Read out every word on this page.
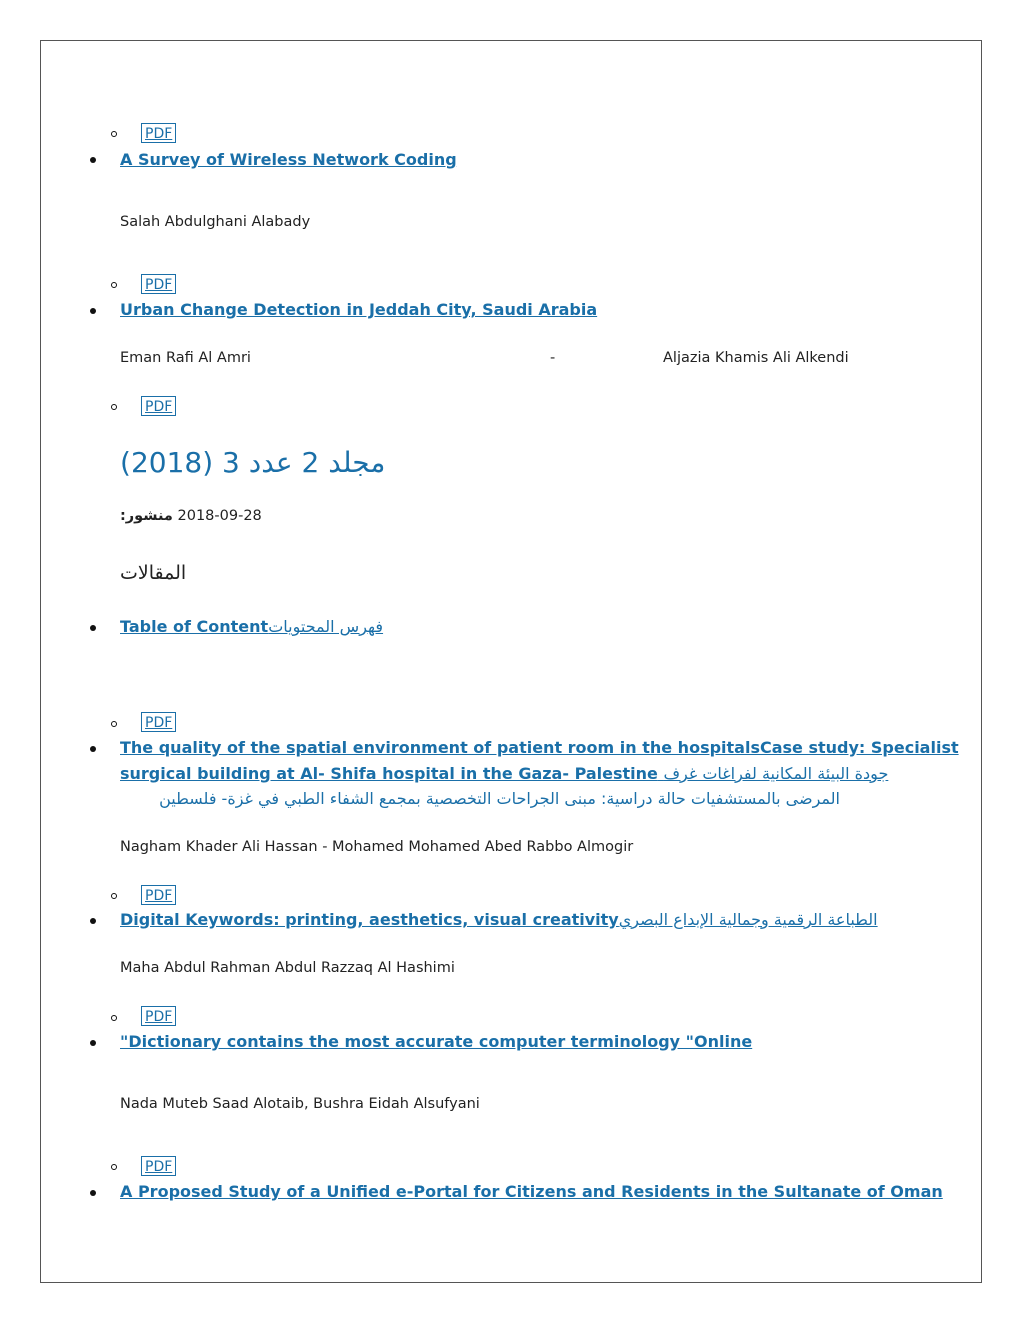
PDF
A Survey of Wireless Network Coding
Salah Abdulghani Alabady
PDF
Urban Change Detection in Jeddah City, Saudi Arabia
Eman Rafi Al Amri	-	Aljazia Khamis Ali Alkendi
PDF
مجلد 2 عدد 3 (2018)
منشور: 2018-09-28
المقالات
Table of Contentفهرس المحتويات
PDF
The quality of the spatial environment of patient room in the hospitalsCase study: Specialist
surgical building at Al- Shifa hospital in the Gaza- Palestine جودة البيئة المكانية لفراغات غرف
المرضى بالمستشفيات حالة دراسية: مبنى الجراحات التخصصية بمجمع الشفاء الطبي في غزة- فلسطين
Nagham Khader Ali Hassan - Mohamed Mohamed Abed Rabbo Almogir
PDF
Digital Keywords: printing, aesthetics, visual creativityالطباعة الرقمية وجمالية الإبداع البصري
Maha Abdul Rahman Abdul Razzaq Al Hashimi
PDF
"Dictionary contains the most accurate computer terminology "Online
Nada Muteb Saad Alotaib, Bushra Eidah Alsufyani
PDF
A Proposed Study of a Unified e-Portal for Citizens and Residents in the Sultanate of Oman
